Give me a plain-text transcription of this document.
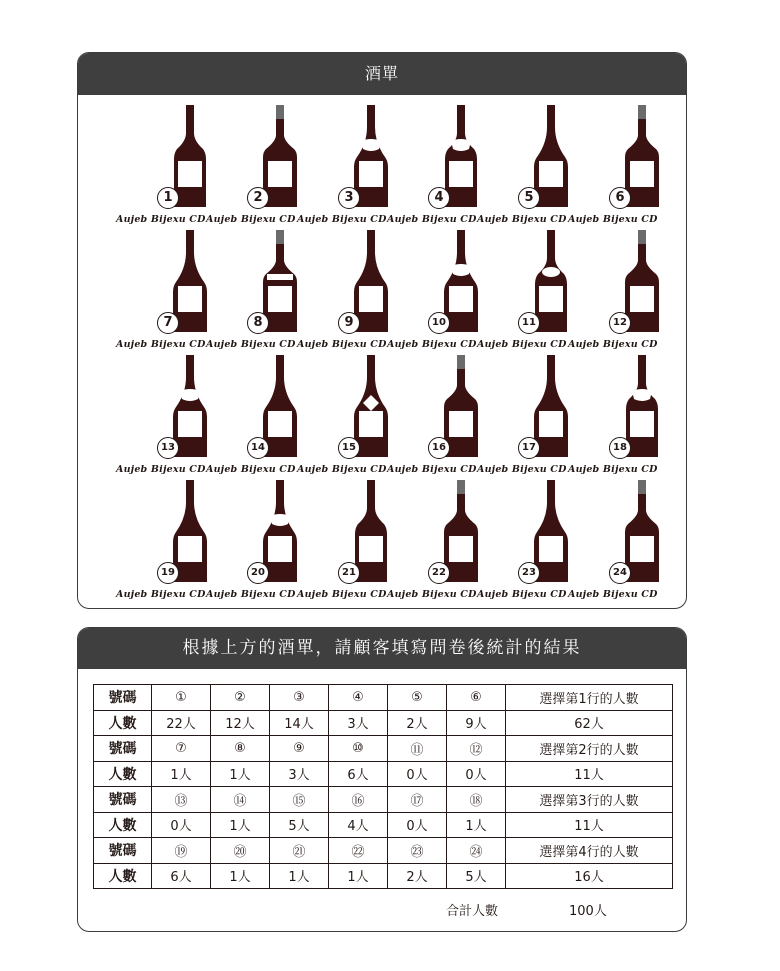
酒單
1
Aujeb Bijexu CD
2
Aujeb Bijexu CD
3
Aujeb Bijexu CD
4
Aujeb Bijexu CD
5
Aujeb Bijexu CD
6
Aujeb Bijexu CD
7
Aujeb Bijexu CD
8
Aujeb Bijexu CD
9
Aujeb Bijexu CD
10
Aujeb Bijexu CD
11
Aujeb Bijexu CD
12
Aujeb Bijexu CD
13
Aujeb Bijexu CD
14
Aujeb Bijexu CD
15
Aujeb Bijexu CD
16
Aujeb Bijexu CD
17
Aujeb Bijexu CD
18
Aujeb Bijexu CD
19
Aujeb Bijexu CD
20
Aujeb Bijexu CD
21
Aujeb Bijexu CD
22
Aujeb Bijexu CD
23
Aujeb Bijexu CD
24
Aujeb Bijexu CD
根據上方的酒單，請顧客填寫問卷後統計的結果
號碼	①	②	③	④	⑤	⑥	選擇第1行的人數
人數	22人	12人	14人	3人	2人	9人	62人
號碼	⑦	⑧	⑨	⑩	⑪	⑫	選擇第2行的人數
人數	1人	1人	3人	6人	0人	0人	11人
號碼	⑬	⑭	⑮	⑯	⑰	⑱	選擇第3行的人數
人數	0人	1人	5人	4人	0人	1人	11人
號碼	⑲	⑳	㉑	㉒	㉓	㉔	選擇第4行的人數
人數	6人	1人	1人	1人	2人	5人	16人
合計人數	100人
